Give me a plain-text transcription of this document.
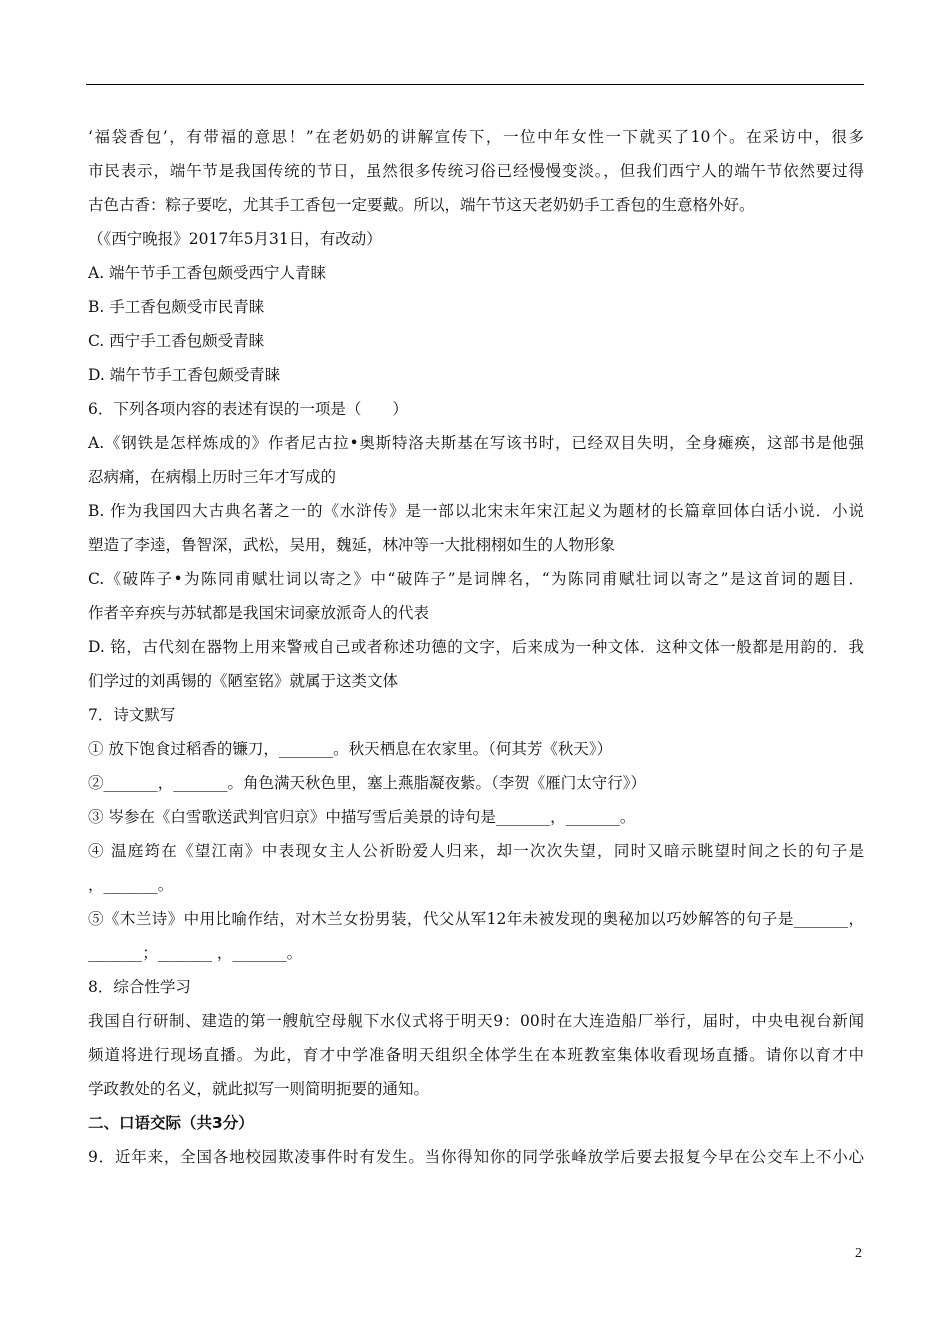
‘福袋香包’，有带福的意思！”在老奶奶的讲解宣传下，一位中年女性一下就买了10个。在采访中，很多

市民表示，端午节是我国传统的节日，虽然很多传统习俗已经慢慢变淡。，但我们西宁人的端午节依然要过得

古色古香：粽子要吃，尤其手工香包一定要戴。所以，端午节这天老奶奶手工香包的生意格外好。

（《西宁晚报》2017年5月31日，有改动）

A. 端午节手工香包颇受西宁人青睐

B. 手工香包颇受市民青睐

C. 西宁手工香包颇受青睐

D. 端午节手工香包颇受青睐

6．下列各项内容的表述有误的一项是（　　）

A.《钢铁是怎样炼成的》作者尼古拉•奥斯特洛夫斯基在写该书时，已经双目失明，全身瘫痪，这部书是他强

忍病痛，在病榻上历时三年才写成的

B. 作为我国四大古典名著之一的《水浒传》是一部以北宋末年宋江起义为题材的长篇章回体白话小说．小说

塑造了李逵，鲁智深，武松，吴用，魏延，林冲等一大批栩栩如生的人物形象

C.《破阵子•为陈同甫赋壮词以寄之》中“破阵子”是词牌名，“为陈同甫赋壮词以寄之”是这首词的题目．

作者辛弃疾与苏轼都是我国宋词豪放派奇人的代表

D. 铭，古代刻在器物上用来警戒自己或者称述功德的文字，后来成为一种文体．这种文体一般都是用韵的．我

们学过的刘禹锡的《陋室铭》就属于这类文体

7．诗文默写

① 放下饱食过稻香的镰刀，_______。秋天栖息在农家里。（何其芳《秋天》）

②_______，_______。角色满天秋色里，塞上燕脂凝夜紫。（李贺《雁门太守行》）

③ 岑参在《白雪歌送武判官归京》中描写雪后美景的诗句是_______，_______。

④ 温庭筠在《望江南》中表现女主人公祈盼爱人归来，却一次次失望，同时又暗示眺望时间之长的句子是

，_______。

⑤《木兰诗》中用比喻作结，对木兰女扮男装，代父从军12年未被发现的奥秘加以巧妙解答的句子是_______，

_______；_______ ，_______。

8．综合性学习

我国自行研制、建造的第一艘航空母舰下水仪式将于明天9：00时在大连造船厂举行，届时，中央电视台新闻

频道将进行现场直播。为此，育才中学准备明天组织全体学生在本班教室集体收看现场直播。请你以育才中

学政教处的名义，就此拟写一则简明扼要的通知。

二、口语交际（共3分）

9．近年来，全国各地校园欺凌事件时有发生。当你得知你的同学张峰放学后要去报复今早在公交车上不小心

2
